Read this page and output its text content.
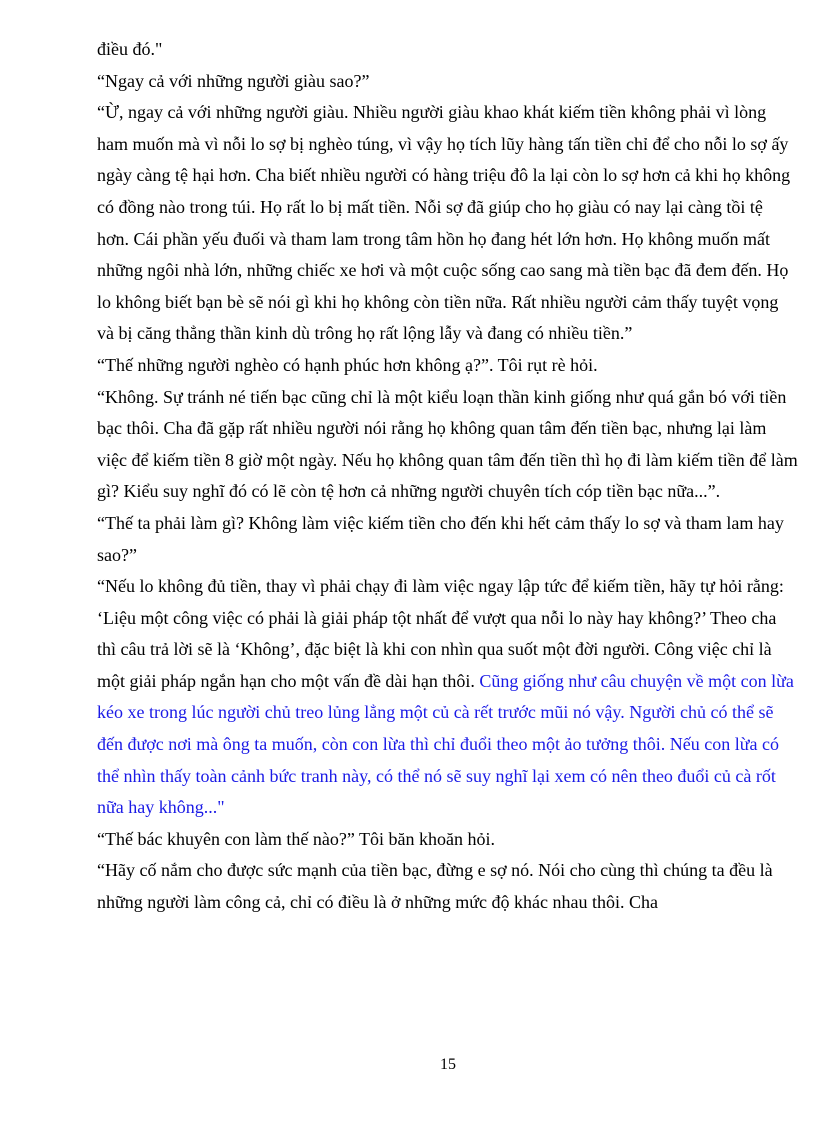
điều đó."

“Ngay cả với những người giàu sao?”

“Ừ, ngay cả với những người giàu. Nhiều người giàu khao khát kiếm tiền không phải vì lòng ham muốn mà vì nỗi lo sợ bị nghèo túng, vì vậy họ tích lũy hàng tấn tiền chỉ để cho nỗi lo sợ ấy ngày càng tệ hại hơn. Cha biết nhiều người có hàng triệu đô la lại còn lo sợ hơn cả khi họ không có đồng nào trong túi. Họ rất lo bị mất tiền. Nỗi sợ đã giúp cho họ giàu có nay lại càng tồi tệ hơn. Cái phần yếu đuối và tham lam trong tâm hồn họ đang hét lớn hơn. Họ không muốn mất những ngôi nhà lớn, những chiếc xe hơi và một cuộc sống cao sang mà tiền bạc đã đem đến. Họ lo không biết bạn bè sẽ nói gì khi họ không còn tiền nữa. Rất nhiều người cảm thấy tuyệt vọng và bị căng thẳng thần kinh dù trông họ rất lộng lẫy và đang có nhiều tiền.”

“Thế những người nghèo có hạnh phúc hơn không ạ?”. Tôi rụt rè hỏi.

“Không. Sự tránh né tiến bạc cũng chỉ là một kiểu loạn thần kinh giống như quá gắn bó với tiền bạc thôi. Cha đã gặp rất nhiều người nói rằng họ không quan tâm đến tiền bạc, nhưng lại làm việc để kiếm tiền 8 giờ một ngày. Nếu họ không quan tâm đến tiền thì họ đi làm kiếm tiền để làm gì? Kiểu suy nghĩ đó có lẽ còn tệ hơn cả những người chuyên tích cóp tiền bạc nữa...”.

“Thế ta phải làm gì? Không làm việc kiếm tiền cho đến khi hết cảm thấy lo sợ và tham lam hay sao?”

“Nếu lo không đủ tiền, thay vì phải chạy đi làm việc ngay lập tức để kiếm tiền, hãy tự hỏi rằng: ‘Liệu một công việc có phải là giải pháp tột nhất để vượt qua nỗi lo này hay không?’ Theo cha thì câu trả lời sẽ là ‘Không’, đặc biệt là khi con nhìn qua suốt một đời người. Công việc chỉ là một giải pháp ngắn hạn cho một vấn đề dài hạn thôi. Cũng giống như câu chuyện về một con lừa kéo xe trong lúc người chủ treo lủng lẳng một củ cà rết trước mũi nó vậy. Người chủ có thể sẽ đến được nơi mà ông ta muốn, còn con lừa thì chỉ đuổi theo một ảo tưởng thôi. Nếu con lừa có thể nhìn thấy toàn cảnh bức tranh này, có thể nó sẽ suy nghĩ lại xem có nên theo đuổi củ cà rốt nữa hay không..."

“Thế bác khuyên con làm thế nào?” Tôi băn khoăn hỏi.

“Hãy cố nắm cho được sức mạnh của tiền bạc, đừng e sợ nó. Nói cho cùng thì chúng ta đều là những người làm công cả, chỉ có điều là ở những mức độ khác nhau thôi. Cha

15
